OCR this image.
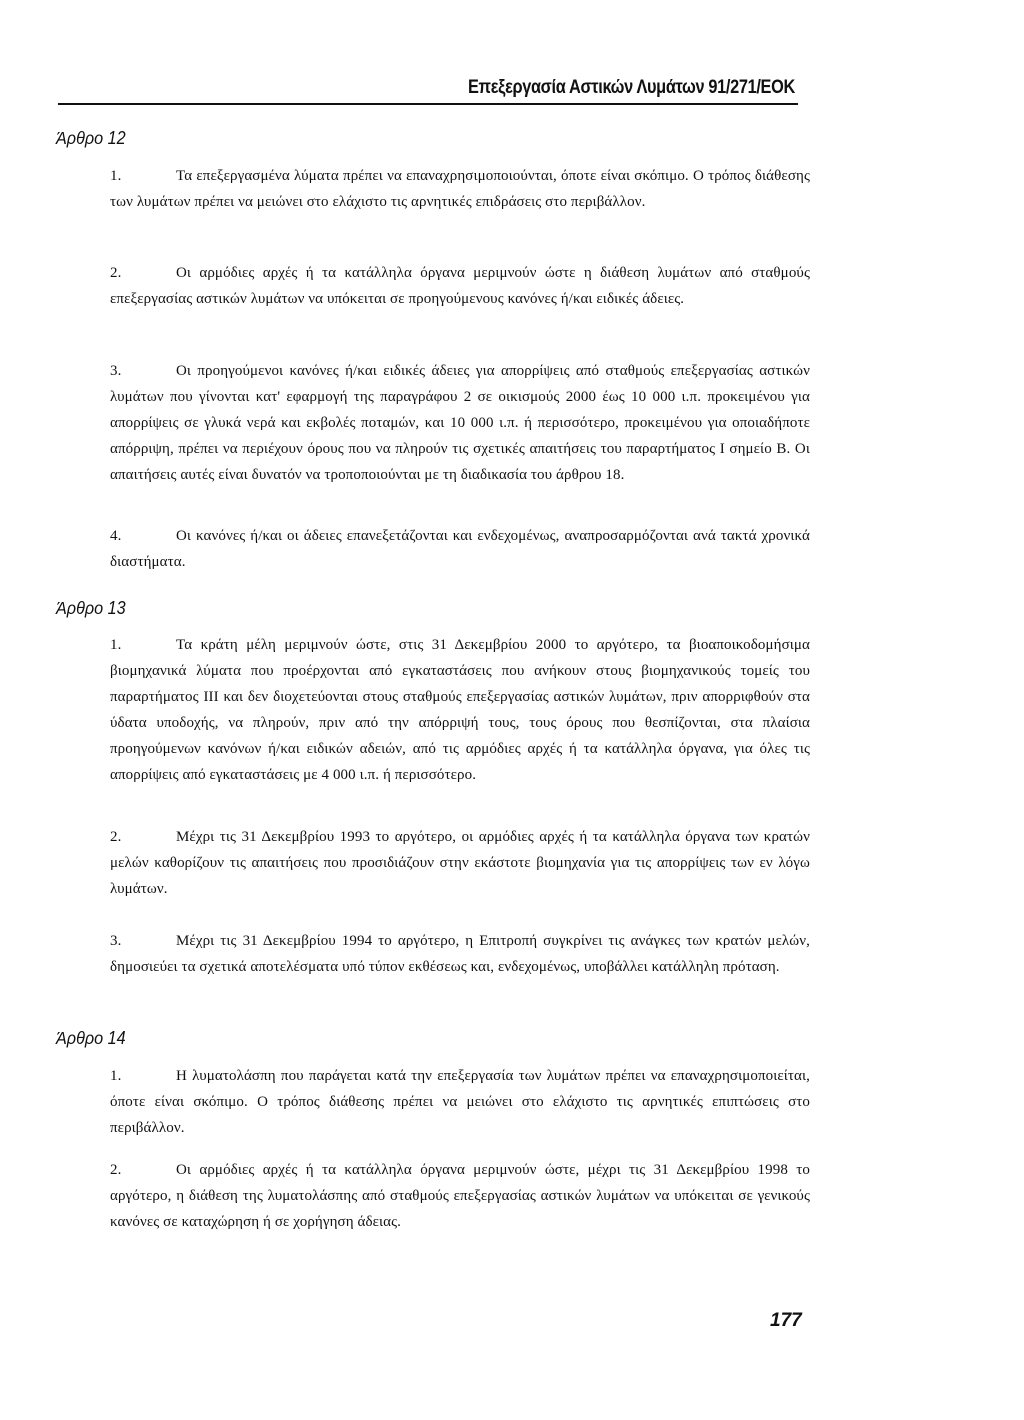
Επεξεργασία Αστικών Λυμάτων 91/271/ΕΟΚ
Άρθρο 12
1.	Τα επεξεργασμένα λύματα πρέπει να επαναχρησιμοποιούνται, όποτε είναι σκόπιμο. Ο τρόπος διάθεσης των λυμάτων πρέπει να μειώνει στο ελάχιστο τις αρνητικές επιδράσεις στο περιβάλλον.
2.	Οι αρμόδιες αρχές ή τα κατάλληλα όργανα μεριμνούν ώστε η διάθεση λυμάτων από σταθμούς επεξεργασίας αστικών λυμάτων να υπόκειται σε προηγούμενους κανόνες ή/και ειδικές άδειες.
3.	Οι προηγούμενοι κανόνες ή/και ειδικές άδειες για απορρίψεις από σταθμούς επεξεργασίας αστικών λυμάτων που γίνονται κατ' εφαρμογή της παραγράφου 2 σε οικισμούς 2000 έως 10 000 ι.π. προκειμένου για απορρίψεις σε γλυκά νερά και εκβολές ποταμών, και 10 000 ι.π. ή περισσότερο, προκειμένου για οποιαδήποτε απόρριψη, πρέπει να περιέχουν όρους που να πληρούν τις σχετικές απαιτήσεις του παραρτήματος Ι σημείο Β. Οι απαιτήσεις αυτές είναι δυνατόν να τροποποιούνται με τη διαδικασία του άρθρου 18.
4.	Οι κανόνες ή/και οι άδειες επανεξετάζονται και ενδεχομένως, αναπροσαρμόζονται ανά τακτά χρονικά διαστήματα.
Άρθρο 13
1.	Τα κράτη μέλη μεριμνούν ώστε, στις 31 Δεκεμβρίου 2000 το αργότερο, τα βιοαποικοδομήσιμα βιομηχανικά λύματα που προέρχονται από εγκαταστάσεις που ανήκουν στους βιομηχανικούς τομείς του παραρτήματος ΙΙΙ και δεν διοχετεύονται στους σταθμούς επεξεργασίας αστικών λυμάτων, πριν απορριφθούν στα ύδατα υποδοχής, να πληρούν, πριν από την απόρριψή τους, τους όρους που θεσπίζονται, στα πλαίσια προηγούμενων κανόνων ή/και ειδικών αδειών, από τις αρμόδιες αρχές ή τα κατάλληλα όργανα, για όλες τις απορρίψεις από εγκαταστάσεις με 4 000 ι.π. ή περισσότερο.
2.	Μέχρι τις 31 Δεκεμβρίου 1993 το αργότερο, οι αρμόδιες αρχές ή τα κατάλληλα όργανα των κρατών μελών καθορίζουν τις απαιτήσεις που προσιδιάζουν στην εκάστοτε βιομηχανία για τις απορρίψεις των εν λόγω λυμάτων.
3.	Μέχρι τις 31 Δεκεμβρίου 1994 το αργότερο, η Επιτροπή συγκρίνει τις ανάγκες των κρατών μελών, δημοσιεύει τα σχετικά αποτελέσματα υπό τύπον εκθέσεως και, ενδεχομένως, υποβάλλει κατάλληλη πρόταση.
Άρθρο 14
1.	Η λυματολάσπη που παράγεται κατά την επεξεργασία των λυμάτων πρέπει να επαναχρησιμοποιείται, όποτε είναι σκόπιμο. Ο τρόπος διάθεσης πρέπει να μειώνει στο ελάχιστο τις αρνητικές επιπτώσεις στο περιβάλλον.
2.	Οι αρμόδιες αρχές ή τα κατάλληλα όργανα μεριμνούν ώστε, μέχρι τις 31 Δεκεμβρίου 1998 το αργότερο, η διάθεση της λυματολάσπης από σταθμούς επεξεργασίας αστικών λυμάτων να υπόκειται σε γενικούς κανόνες σε καταχώρηση ή σε χορήγηση άδειας.
177
